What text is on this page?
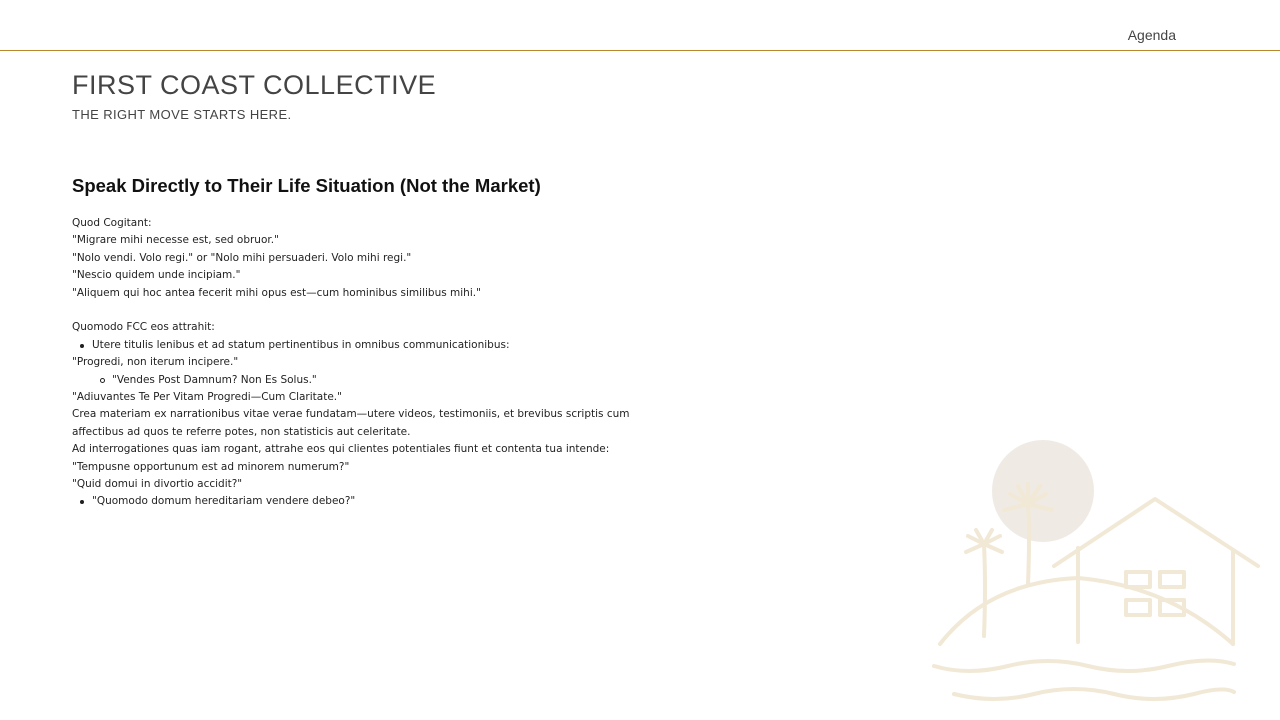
Agenda
FIRST COAST COLLECTIVE
THE RIGHT MOVE STARTS HERE.
Speak Directly to Their Life Situation (Not the Market)
Quod Cogitant:
"Migrare mihi necesse est, sed obruor."
"Nolo vendi. Volo regi." or "Nolo mihi persuaderi. Volo mihi regi."
"Nescio quidem unde incipiam."
"Aliquem qui hoc antea fecerit mihi opus est—cum hominibus similibus mihi."
Quomodo FCC eos attrahit:
Utere titulis lenibus et ad statum pertinentibus in omnibus communicationibus:
"Progredi, non iterum incipere."
"Vendes Post Damnum? Non Es Solus."
"Adiuvantes Te Per Vitam Progredi—Cum Claritate."
Crea materiam ex narrationibus vitae verae fundatam—utere videos, testimoniis, et brevibus scriptis cum affectibus ad quos te referre potes, non statisticis aut celeritate.
Ad interrogationes quas iam rogant, attrahe eos qui clientes potentiales fiunt et contenta tua intende:
"Tempusne opportunum est ad minorem numerum?"
"Quid domui in divortio accidit?"
"Quomodo domum hereditariam vendere debeo?"
